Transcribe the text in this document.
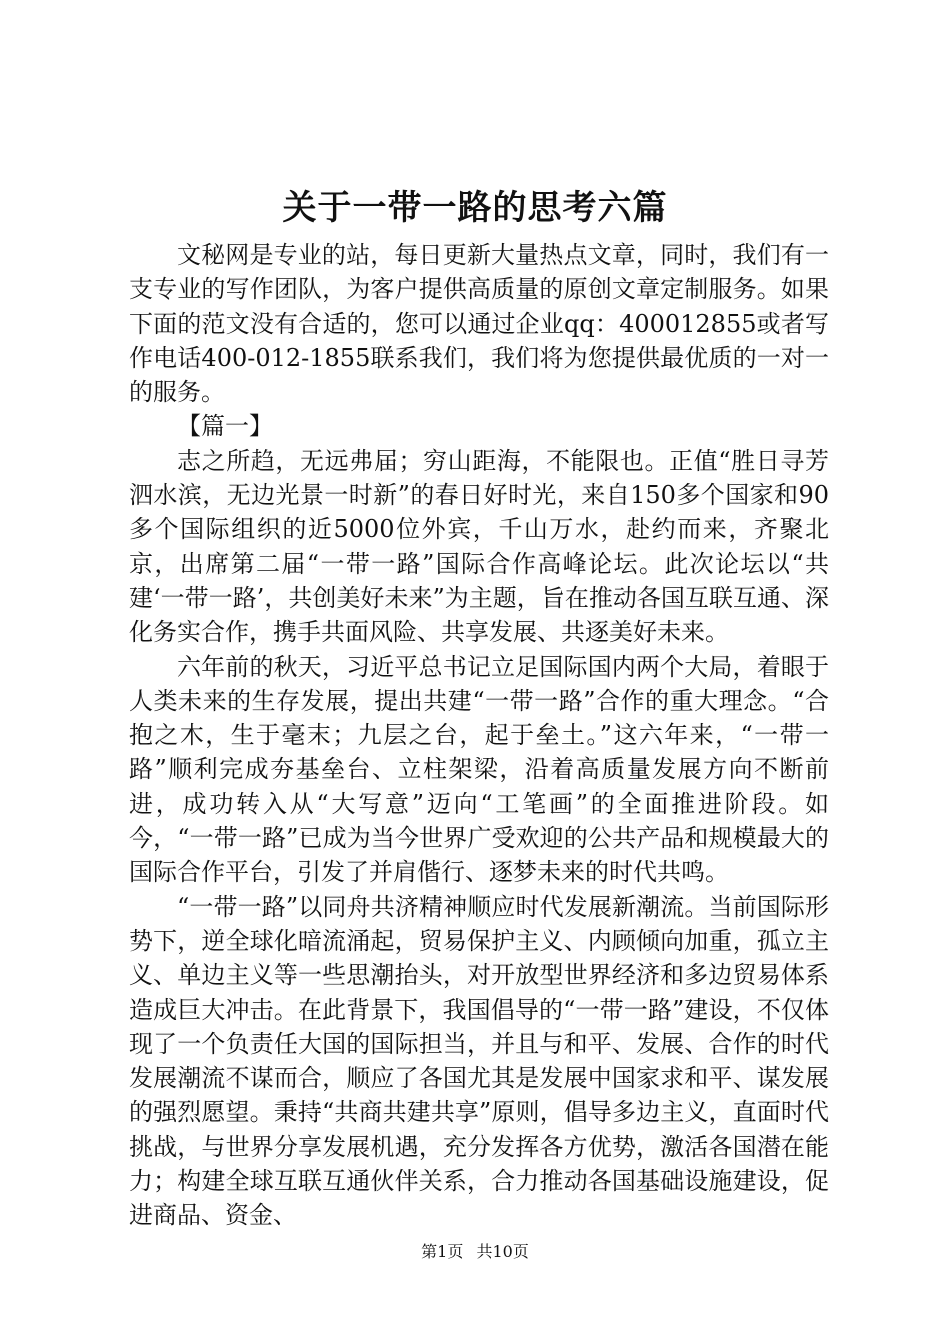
关于一带一路的思考六篇

文秘网是专业的站，每日更新大量热点文章，同时，我们有一支专业的写作团队，为客户提供高质量的原创文章定制服务。如果下面的范文没有合适的，您可以通过企业qq：400012855或者写作电话400-012-1855联系我们，我们将为您提供最优质的一对一的服务。

【篇一】

志之所趋，无远弗届；穷山距海，不能限也。正值“胜日寻芳泗水滨，无边光景一时新”的春日好时光，来自150多个国家和90多个国际组织的近5000位外宾，千山万水，赴约而来，齐聚北京，出席第二届“一带一路”国际合作高峰论坛。此次论坛以“共建‘一带一路’，共创美好未来”为主题，旨在推动各国互联互通、深化务实合作，携手共面风险、共享发展、共逐美好未来。

六年前的秋天，习近平总书记立足国际国内两个大局，着眼于人类未来的生存发展，提出共建“一带一路”合作的重大理念。“合抱之木，生于毫末；九层之台，起于垒土。”这六年来，“一带一路”顺利完成夯基垒台、立柱架梁，沿着高质量发展方向不断前进，成功转入从“大写意”迈向“工笔画”的全面推进阶段。如今，“一带一路”已成为当今世界广受欢迎的公共产品和规模最大的国际合作平台，引发了并肩偕行、逐梦未来的时代共鸣。

“一带一路”以同舟共济精神顺应时代发展新潮流。当前国际形势下，逆全球化暗流涌起，贸易保护主义、内顾倾向加重，孤立主义、单边主义等一些思潮抬头，对开放型世界经济和多边贸易体系造成巨大冲击。在此背景下，我国倡导的“一带一路”建设，不仅体现了一个负责任大国的国际担当，并且与和平、发展、合作的时代发展潮流不谋而合，顺应了各国尤其是发展中国家求和平、谋发展的强烈愿望。秉持“共商共建共享”原则，倡导多边主义，直面时代挑战，与世界分享发展机遇，充分发挥各方优势，激活各国潜在能力；构建全球互联互通伙伴关系，合力推动各国基础设施建设，促进商品、资金、

第1页 共10页
